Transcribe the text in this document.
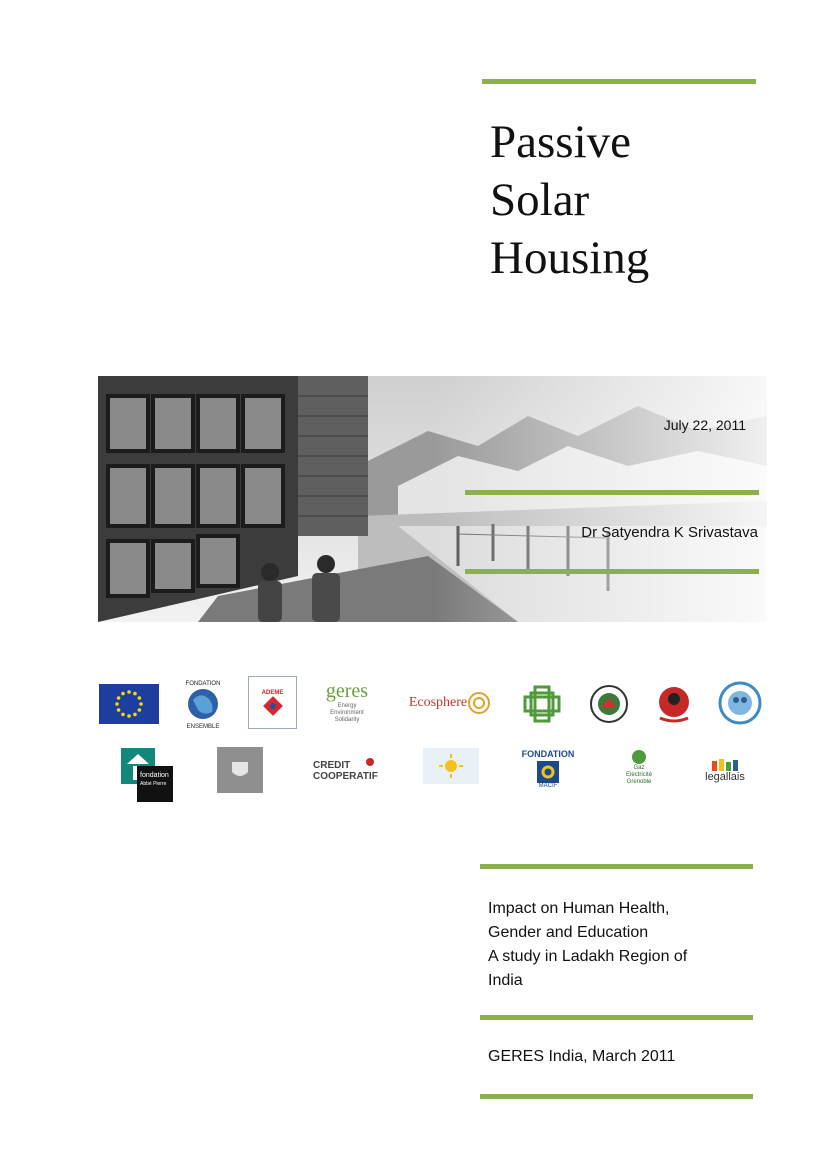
Passive
Solar
Housing
July 22, 2011
Dr Satyendra K Srivastava
FONDATION
ENSEMBLE
ADEME geres
Energy
Environment
Solidarity
Ecosphere
fondation
Abbé Pierre
CREDIT
COOPERATIF
FONDATION
MACIF
Gaz
Electricité
Grenoble	legallais
Impact on Human Health,
Gender and Education
A study in Ladakh Region of
India
GERES India, March 2011
